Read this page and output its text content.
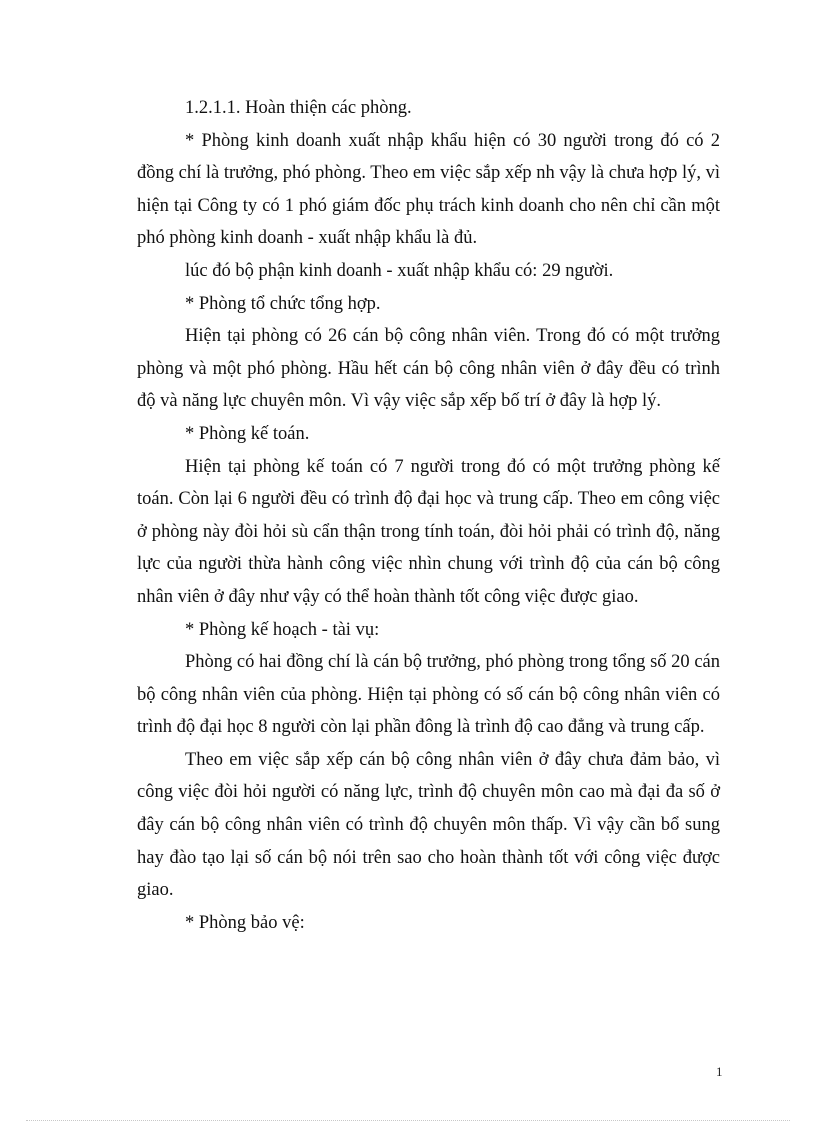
1.2.1.1. Hoàn thiện các phòng.

* Phòng kinh doanh xuất nhập khẩu hiện có 30 người trong đó có 2 đồng chí là trưởng, phó phòng. Theo em việc sắp xếp nh vậy là chưa hợp lý, vì hiện tại Công ty có 1 phó giám đốc phụ trách kinh doanh cho nên chỉ cần một phó phòng kinh doanh - xuất nhập khẩu là đủ.

lúc đó bộ phận kinh doanh - xuất nhập khẩu có: 29 người.

* Phòng tổ chức tổng hợp.

Hiện tại phòng có 26 cán bộ công nhân viên. Trong đó có một trưởng phòng và một phó phòng. Hầu hết cán bộ công nhân viên ở đây đều có trình độ và năng lực chuyên môn. Vì vậy việc sắp xếp bố trí ở đây là hợp lý.

* Phòng kế toán.

Hiện tại phòng kế toán có 7 người trong đó có một trưởng phòng kế toán. Còn lại 6 người đều có trình độ đại học và trung cấp. Theo em công việc ở phòng này đòi hỏi sù cẩn thận trong tính toán, đòi hỏi phải có trình độ, năng lực của người thừa hành công việc nhìn chung với trình độ của cán bộ công nhân viên ở đây như vậy có thể hoàn thành tốt công việc được giao.

* Phòng kế hoạch - tài vụ:

Phòng có hai đồng chí là cán bộ trưởng, phó phòng trong tổng số 20 cán bộ công nhân viên của phòng. Hiện tại phòng có số cán bộ công nhân viên có trình độ đại học 8 người còn lại phần đông là trình độ cao đẳng và trung cấp.

Theo em việc sắp xếp cán bộ công nhân viên ở đây chưa đảm bảo, vì công việc đòi hỏi người có năng lực, trình độ chuyên môn cao mà đại đa số ở đây cán bộ công nhân viên có trình độ chuyên môn thấp. Vì vậy cần bổ sung hay đào tạo lại số cán bộ nói trên sao cho hoàn thành tốt với công việc được giao.

* Phòng bảo vệ:

1
